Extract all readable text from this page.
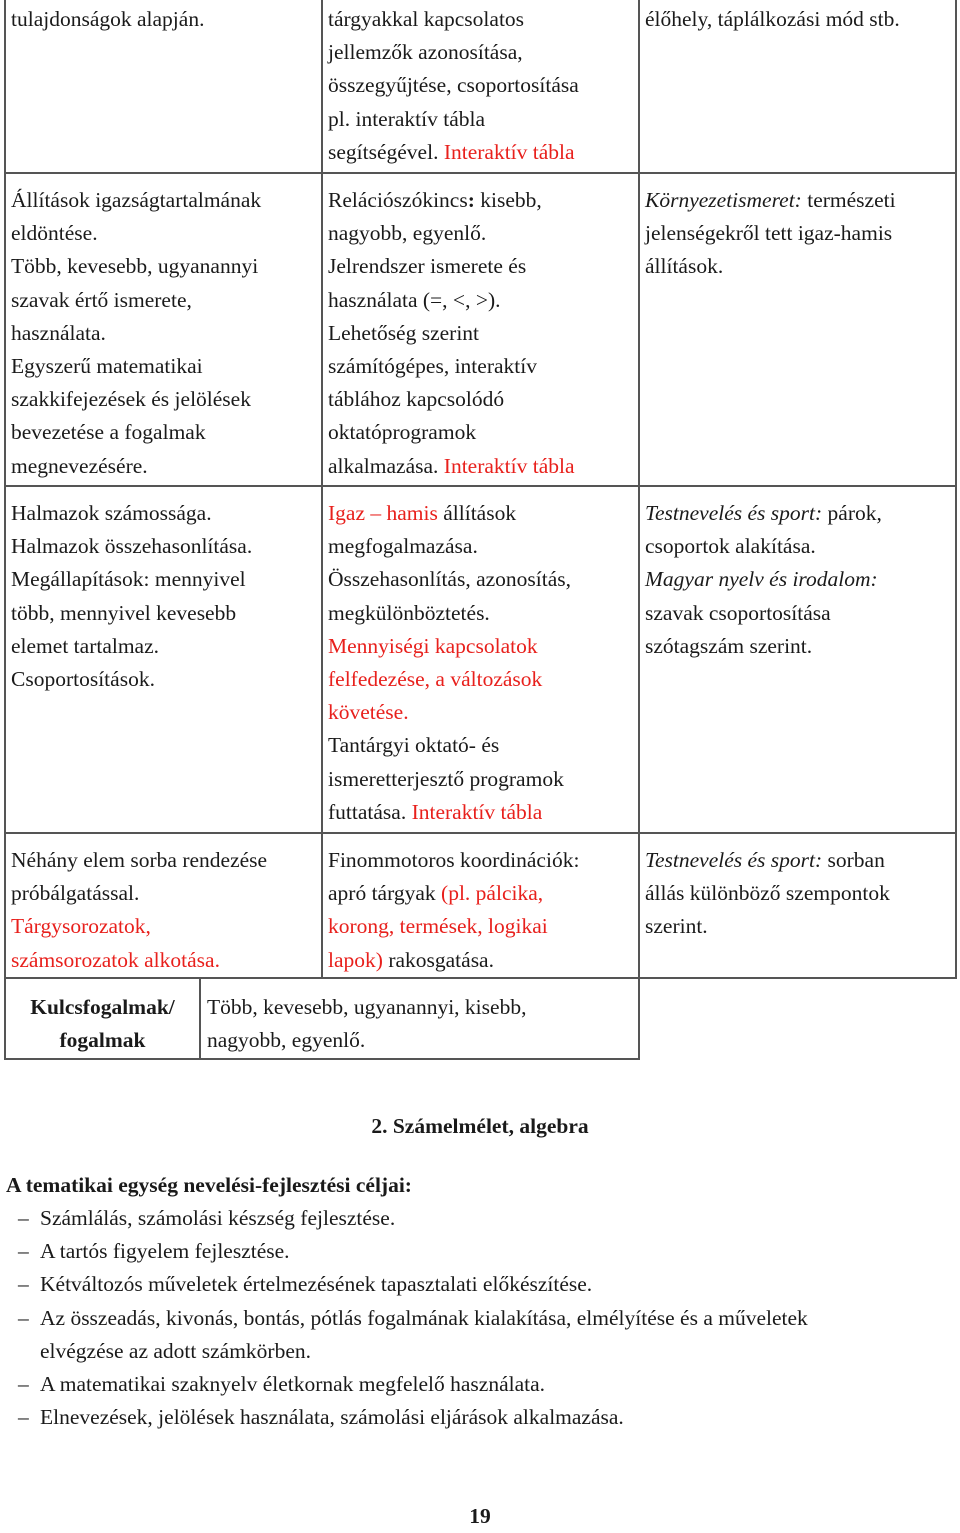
tulajdonságok alapján.	tárgyakkal kapcsolatos
jellemzők azonosítása,
összegyűjtése, csoportosítása
pl. interaktív tábla
segítségével. Interaktív tábla
élőhely, táplálkozási mód stb.
Állítások igazságtartalmának
eldöntése.
Több, kevesebb, ugyanannyi
szavak értő ismerete,
használata.
Egyszerű matematikai
szakkifejezések és jelölések
bevezetése a fogalmak
megnevezésére.
Relációszókincs: kisebb,
nagyobb, egyenlő.
Jelrendszer ismerete és
használata (=, <, >).
Lehetőség szerint
számítógépes, interaktív
táblához kapcsolódó
oktatóprogramok
alkalmazása. Interaktív tábla
Környezetismeret: természeti
jelenségekről tett igaz-hamis
állítások.
Halmazok számossága.
Halmazok összehasonlítása.
Megállapítások: mennyivel
több, mennyivel kevesebb
elemet tartalmaz.
Csoportosítások.
Igaz – hamis állítások
megfogalmazása.
Összehasonlítás, azonosítás,
megkülönböztetés.
Mennyiségi kapcsolatok
felfedezése, a változások
követése.
Tantárgyi oktató- és
ismeretterjesztő programok
futtatása. Interaktív tábla
Testnevelés és sport: párok,
csoportok alakítása.
Magyar nyelv és irodalom:
szavak csoportosítása
szótagszám szerint.
Néhány elem sorba rendezése
próbálgatással.
Tárgysorozatok,
számsorozatok alkotása.
Finommotoros koordinációk:
apró tárgyak (pl. pálcika,
korong, termések, logikai
lapok) rakosgatása.
Testnevelés és sport: sorban
állás különböző szempontok
szerint.
Kulcsfogalmak/
fogalmak
Több, kevesebb, ugyanannyi, kisebb,
nagyobb, egyenlő.
2. Számelmélet, algebra
A tematikai egység nevelési-fejlesztési céljai:
– Számlálás, számolási készség fejlesztése.
– A tartós figyelem fejlesztése.
– Kétváltozós műveletek értelmezésének tapasztalati előkészítése.
– Az összeadás, kivonás, bontás, pótlás fogalmának kialakítása, elmélyítése és a műveletek
elvégzése az adott számkörben.
– A matematikai szaknyelv életkornak megfelelő használata.
– Elnevezések, jelölések használata, számolási eljárások alkalmazása.
19
